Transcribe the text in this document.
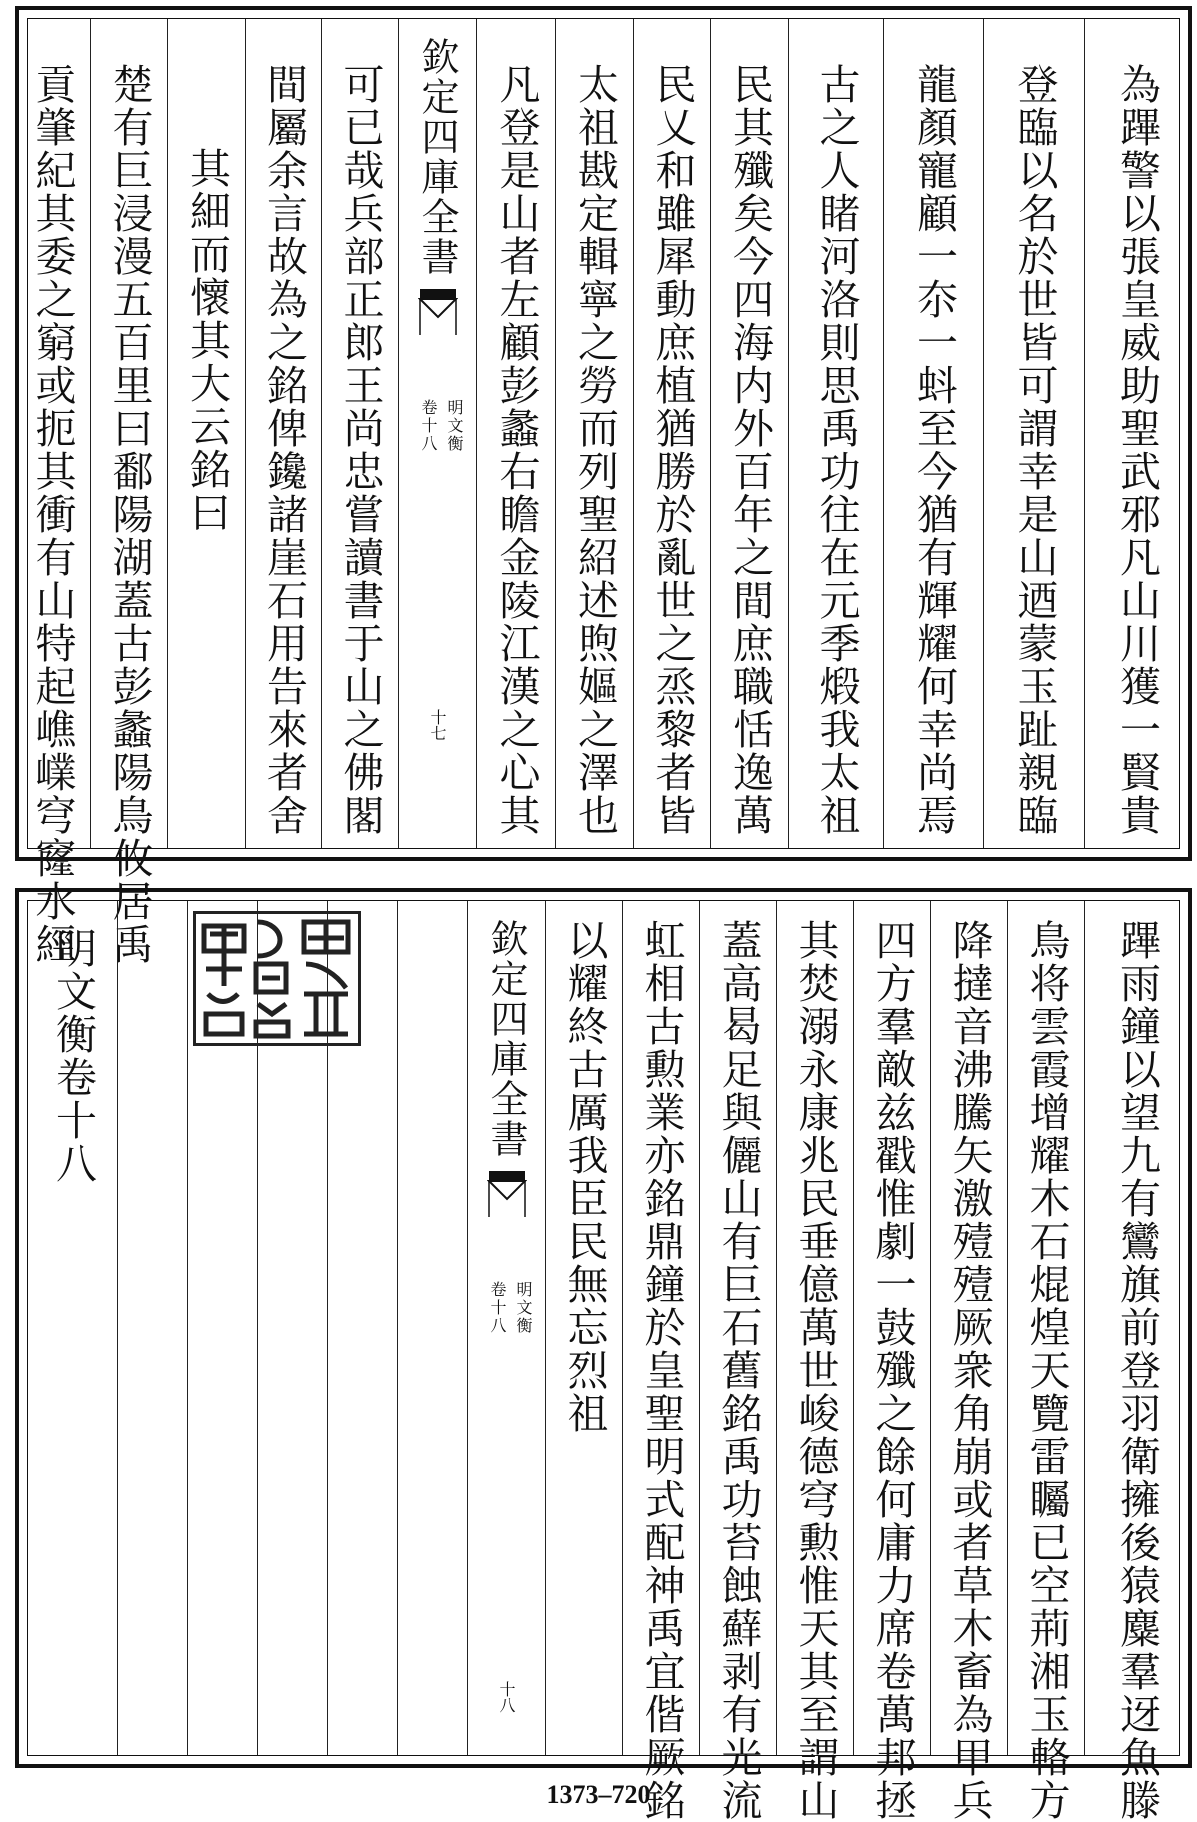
為蹕警以張皇威助聖武邪凡山川獲一賢貴
登臨以名於世皆可謂幸是山迺蒙玉趾親臨
龍顏寵顧一夵一蚪至今猶有輝耀何幸尚焉
古之人睹河洛則思禹功往在元季煅我太祖
民其殲矣今四海内外百年之間庶職恬逸萬
民乂和雖犀動庶植猶勝於亂世之烝黎者皆
太祖戡定輯寧之勞而列聖紹述煦嫗之澤也
凡登是山者左顧彭蠡右瞻金陵江漢之心其
欽定四庫全書
明文衡
卷十八
十七
可已哉兵部正郎王尚忠嘗讀書于山之佛閣
間屬余言故為之銘俾鑱諸崖石用告來者舍
其細而懷其大云銘曰
楚有巨浸漫五百里曰鄱陽湖蓋古彭蠡陽鳥攸居禹
貢肇紀其委之窮或扼其衝有山特起嶕嶫穹窿水經
蹕雨鐘以望九有鸞旗前登羽衛擁後猿麋羣迓魚滕
鳥将雲霞增耀木石焜煌天覽雷矚已空荊湘玉輅方
降撻音沸騰矢激殪殪厥衆角崩或者草木畜為甲兵
四方羣敵兹戳惟劇一鼓殲之餘何庸力席卷萬邦拯
其焚溺永康兆民垂億萬世峻德穹勲惟天其至謂山
蓋高曷足與儷山有巨石舊銘禹功苔蝕蘚剥有光流
虹相古勲業亦銘鼎鐘於皇聖明式配神禹宜偕厥銘
以耀終古厲我臣民無忘烈祖
欽定四庫全書
明文衡
卷十八
十八
明文衡卷十八
1373–720
